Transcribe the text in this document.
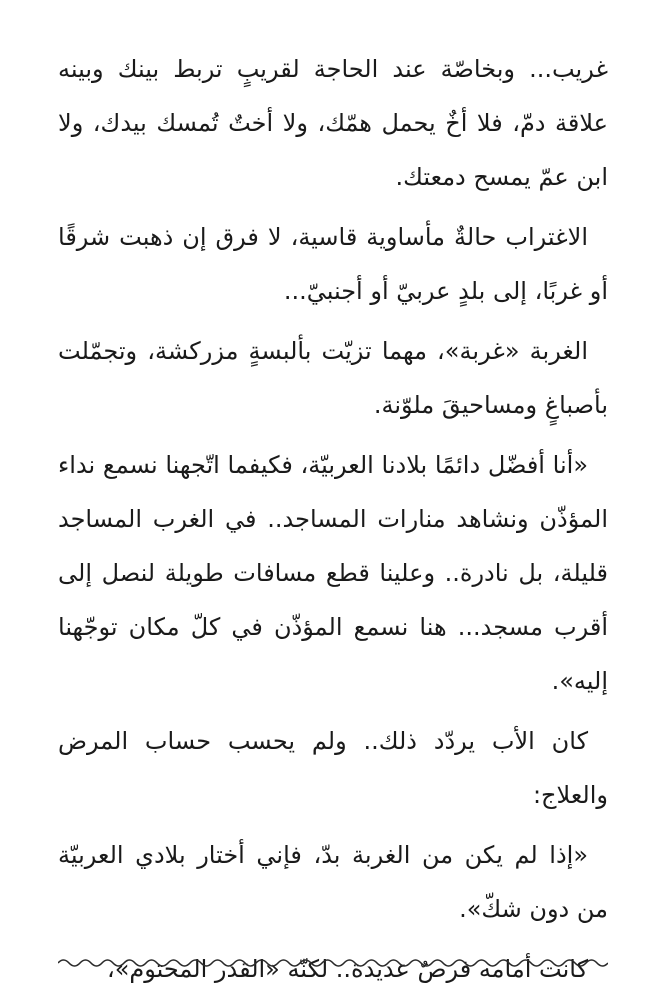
غريب... وبخاصّة عند الحاجة لقريبٍ تربط بينك وبينه علاقة دمّ، فلا أخٌ يحمل همّك، ولا أختٌ تُمسك بيدك، ولا ابن عمّ يمسح دمعتك.

الاغتراب حالةٌ مأساوية قاسية، لا فرق إن ذهبت شرقًا أو غربًا، إلى بلدٍ عربيّ أو أجنبيّ...

الغربة «غربة»، مهما تزيّت بألبسةٍ مزركشة، وتجمّلت بأصباغٍ ومساحيقَ ملوّنة.

«أنا أفضّل دائمًا بلادنا العربيّة، فكيفما اتّجهنا نسمع نداء المؤذّن ونشاهد منارات المساجد.. في الغرب المساجد قليلة، بل نادرة.. وعلينا قطع مسافات طويلة لنصل إلى أقرب مسجد... هنا نسمع المؤذّن في كلّ مكان توجّهنا إليه».

كان الأب يردّد ذلك.. ولم يحسب حساب المرض والعلاج:

«إذا لم يكن من الغربة بدّ، فإني أختار بلادي العربيّة من دون شكّ».

كانت أمامه فرصٌ عديدة.. لكنّه «القدر المحتوم»،
